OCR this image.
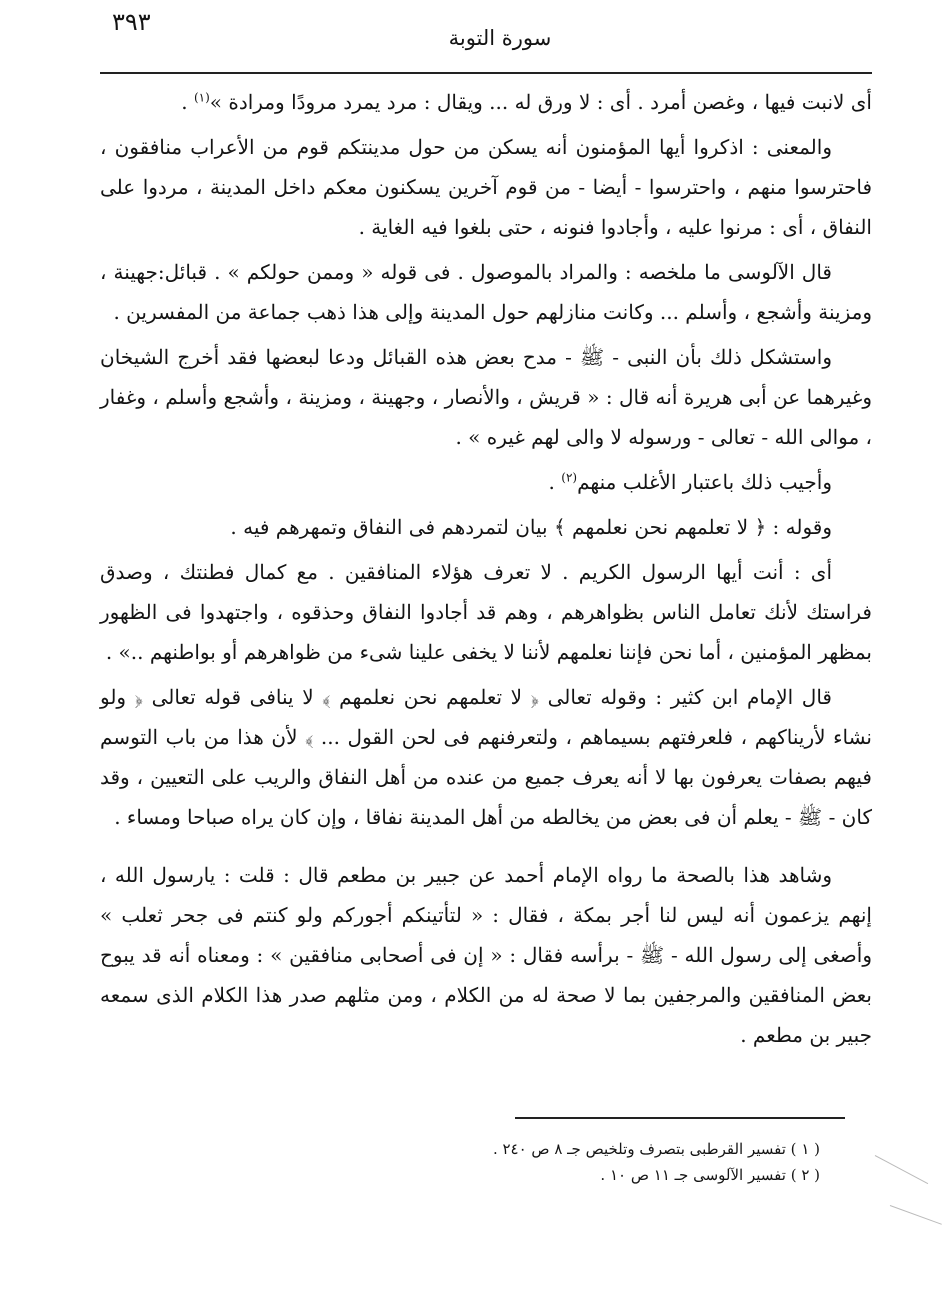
٣٩٣
سورة التوبة

أى لانبت فيها ، وغصن أمرد . أى : لا ورق له ... ويقال : مرد يمرد مرودًا ومرادة »$^{(١)}$ .

والمعنى : اذكروا أيها المؤمنون أنه يسكن من حول مدينتكم قوم من الأعراب منافقون ، فاحترسوا منهم ، واحترسوا - أيضا - من قوم آخرين يسكنون معكم داخل المدينة ، مردوا على النفاق ، أى : مرنوا عليه ، وأجادوا فنونه ، حتى بلغوا فيه الغاية .

قال الآلوسى ما ملخصه : والمراد بالموصول . فى قوله « وممن حولكم » . قبائل:جهينة ، ومزينة وأشجع ، وأسلم ... وكانت منازلهم حول المدينة وإلى هذا ذهب جماعة من المفسرين .

واستشكل ذلك بأن النبى - ﷺ - مدح بعض هذه القبائل ودعا لبعضها فقد أخرج الشيخان وغيرهما عن أبى هريرة أنه قال : « قريش ، والأنصار ، وجهينة ، ومزينة ، وأشجع وأسلم ، وغفار ، موالى الله - تعالى - ورسوله لا والى لهم غيره » .

وأجيب ذلك باعتبار الأغلب منهم$^{(٢)}$ .

وقوله : ﴿ لا تعلمهم نحن نعلمهم ﴾ بيان لتمردهم فى النفاق وتمهرهم فيه .

أى : أنت أيها الرسول الكريم . لا تعرف هؤلاء المنافقين . مع كمال فطنتك ، وصدق فراستك لأنك تعامل الناس بظواهرهم ، وهم قد أجادوا النفاق وحذقوه ، واجتهدوا فى الظهور بمظهر المؤمنين ، أما نحن فإننا نعلمهم لأننا لا يخفى علينا شىء من ظواهرهم أو بواطنهم ..» .

قال الإمام ابن كثير : وقوله تعالى ﴿ لا تعلمهم نحن نعلمهم ﴾ لا ينافى قوله تعالى ﴿ ولو نشاء لأريناكهم ، فلعرفتهم بسيماهم ، ولتعرفنهم فى لحن القول ... ﴾ لأن هذا من باب التوسم فيهم بصفات يعرفون بها لا أنه يعرف جميع من عنده من أهل النفاق والريب على التعيين ، وقد كان - ﷺ - يعلم أن فى بعض من يخالطه من أهل المدينة نفاقا ، وإن كان يراه صباحا ومساء .

وشاهد هذا بالصحة ما رواه الإمام أحمد عن جبير بن مطعم قال : قلت : يارسول الله ، إنهم يزعمون أنه ليس لنا أجر بمكة ، فقال : « لتأتينكم أجوركم ولو كنتم فى جحر ثعلب » وأصغى إلى رسول الله - ﷺ - برأسه فقال : « إن فى أصحابى منافقين » : ومعناه أنه قد يبوح بعض المنافقين والمرجفين بما لا صحة له من الكلام ، ومن مثلهم صدر هذا الكلام الذى سمعه جبير بن مطعم .

( ١ ) تفسير القرطبى بتصرف وتلخيص جـ ٨ ص ٢٤٠ .

( ٢ ) تفسير الآلوسى جـ ١١ ص ١٠ .
